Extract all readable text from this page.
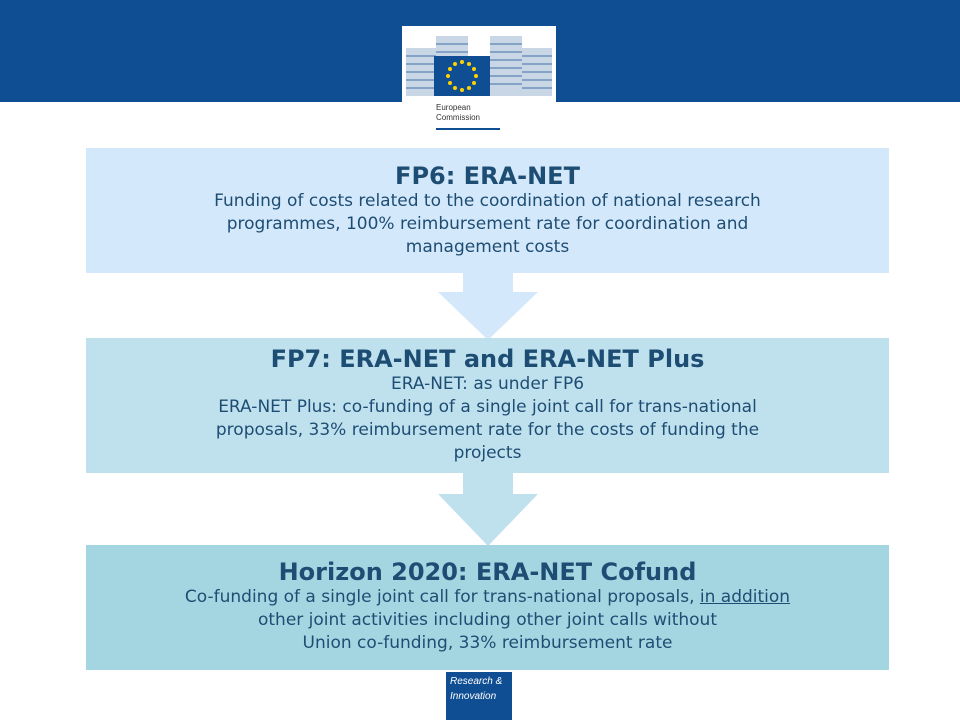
European
Commission
FP6: ERA-NET
Funding of costs related to the coordination of national research
programmes, 100% reimbursement rate for coordination and
management costs
FP7: ERA-NET and ERA-NET Plus
ERA-NET: as under FP6
ERA-NET Plus: co-funding of a single joint call for trans-national
proposals, 33% reimbursement rate for the costs of funding the
projects
Horizon 2020: ERA-NET Cofund
Co-funding of a single joint call for trans-national proposals, in addition
other joint activities including other joint calls without
Union co-funding, 33% reimbursement rate
Research &
Innovation
